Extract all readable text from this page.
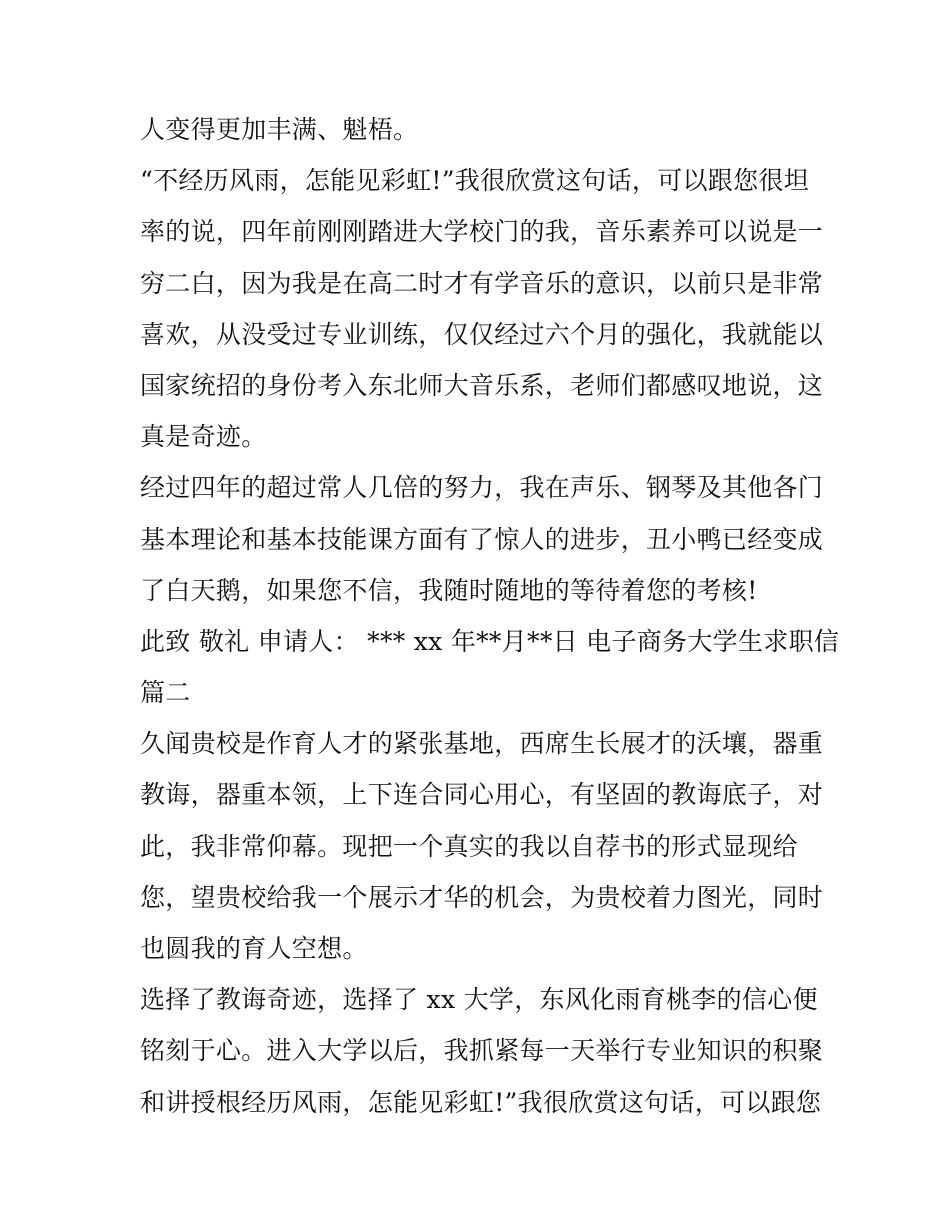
人变得更加丰满、魁梧。
“不经历风雨，怎能见彩虹!”我很欣赏这句话，可以跟您很坦
率的说，四年前刚刚踏进大学校门的我，音乐素养可以说是一
穷二白，因为我是在高二时才有学音乐的意识，以前只是非常
喜欢，从没受过专业训练，仅仅经过六个月的强化，我就能以
国家统招的身份考入东北师大音乐系，老师们都感叹地说，这
真是奇迹。
经过四年的超过常人几倍的努力，我在声乐、钢琴及其他各门
基本理论和基本技能课方面有了惊人的进步，丑小鸭已经变成
了白天鹅，如果您不信，我随时随地的等待着您的考核!
此致 敬礼 申请人： *** xx 年**月**日 电子商务大学生求职信
篇二
久闻贵校是作育人才的紧张基地，西席生长展才的沃壤，器重
教诲，器重本领，上下连合同心用心，有坚固的教诲底子，对
此，我非常仰幕。现把一个真实的我以自荐书的形式显现给
您，望贵校给我一个展示才华的机会，为贵校着力图光，同时
也圆我的育人空想。
选择了教诲奇迹，选择了 xx 大学，东风化雨育桃李的信心便
铭刻于心。进入大学以后，我抓紧每一天举行专业知识的积聚
和讲授根经历风雨，怎能见彩虹!”我很欣赏这句话，可以跟您
